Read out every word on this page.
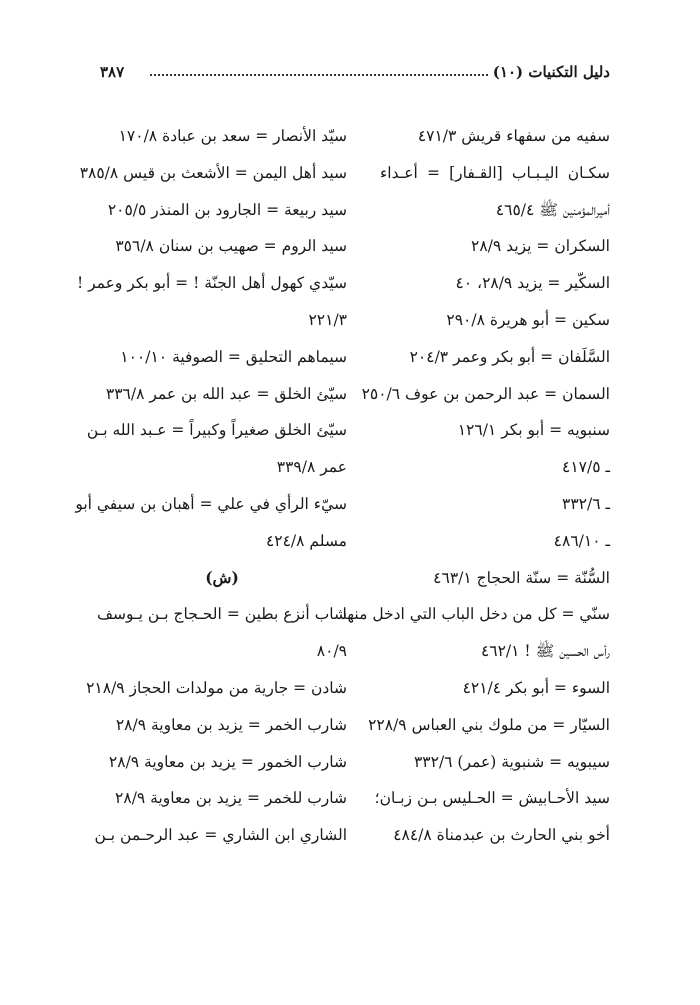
دليل التكنيات (١٠)
٣٨٧
سفيه من سفهاء قريش ٤٧١/٣
سكـان اليـبـاب [القـفار] = أعـداء
أميرالمؤمنين ﷺ ٤٦٥/٤
السكران = يزيد ٢٨/٩
السكّير = يزيد ٢٨/٩، ٤٠
سكين = أبو هريرة ٢٩٠/٨
السَّلَفان = أبو بكر وعمر ٢٠٤/٣
السمان = عبد الرحمن بن عوف ٢٥٠/٦
سنبويه = أبو بكر ١٢٦/١
ـ ٤١٧/٥
ـ ٣٣٢/٦
ـ ٤٨٦/١٠
السُّنّة = سنّة الحجاج ٤٦٣/١
سنّي = كل من دخل الباب التي ادخل منها
رأس الحسين ﷺ ! ٤٦٢/١
السوء = أبو بكر ٤٢١/٤
السيّار = من ملوك بني العباس ٢٢٨/٩
سيبويه = شنبوية (عمر) ٣٣٢/٦
سيد الأحـابيش = الحـليس بـن زبـان؛
أخو بني الحارث بن عبدمناة ٤٨٤/٨
سيّد الأنصار = سعد بن عبادة ١٧٠/٨
سيد أهل اليمن = الأشعث بن قيس ٣٨٥/٨
سيد ربيعة = الجارود بن المنذر ٢٠٥/٥
سيد الروم = صهيب بن سنان ٣٥٦/٨
سيّدي كهول أهل الجنّة ! = أبو بكر وعمر !
٢٢١/٣
سيماهم التحليق = الصوفية ١٠٠/١٠
سيّئ الخلق = عبد الله بن عمر ٣٣٦/٨
سيّئ الخلق صغيراً وكبيراً = عـبد الله بـن
عمر ٣٣٩/٨
سيّء الرأي في علي = أهبان بن سيفي أبو
مسلم ٤٢٤/٨
(ش)
شاب أنزع بطين = الحـجاج بـن يـوسف
٨٠/٩
شادن = جارية من مولدات الحجاز ٢١٨/٩
شارب الخمر = يزيد بن معاوية ٢٨/٩
شارب الخمور = يزيد بن معاوية ٢٨/٩
شارب للخمر = يزيد بن معاوية ٢٨/٩
الشاري ابن الشاري = عبد الرحـمن بـن
